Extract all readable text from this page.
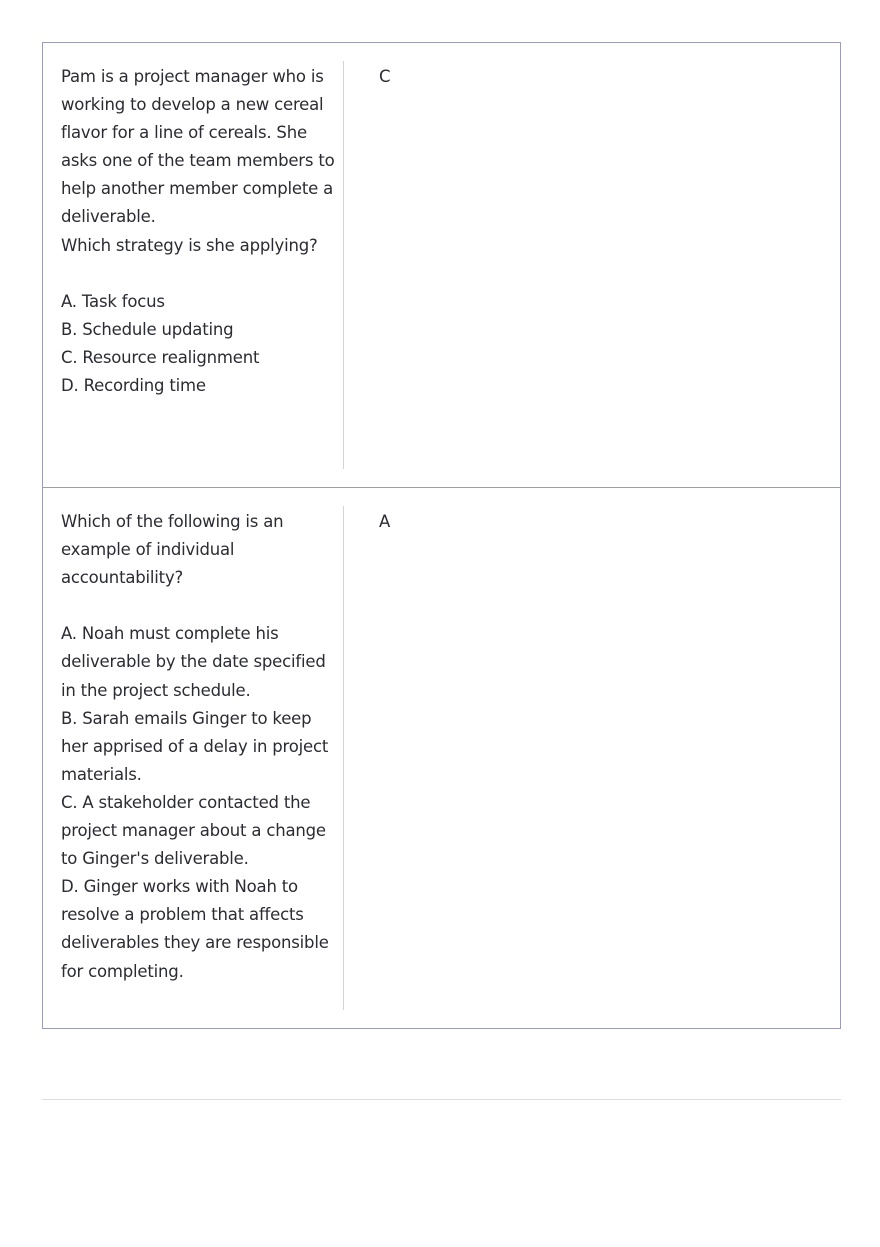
Pam is a project manager who is working to develop a new cereal flavor for a line of cereals. She asks one of the team members to help another member complete a deliverable.
Which strategy is she applying?

A. Task focus
B. Schedule updating
C. Resource realignment
D. Recording time

C

Which of the following is an example of individual accountability?

A. Noah must complete his deliverable by the date specified in the project schedule.
B. Sarah emails Ginger to keep her apprised of a delay in project materials.
C. A stakeholder contacted the project manager about a change to Ginger's deliverable.
D. Ginger works with Noah to resolve a problem that affects deliverables they are responsible for completing.

A
